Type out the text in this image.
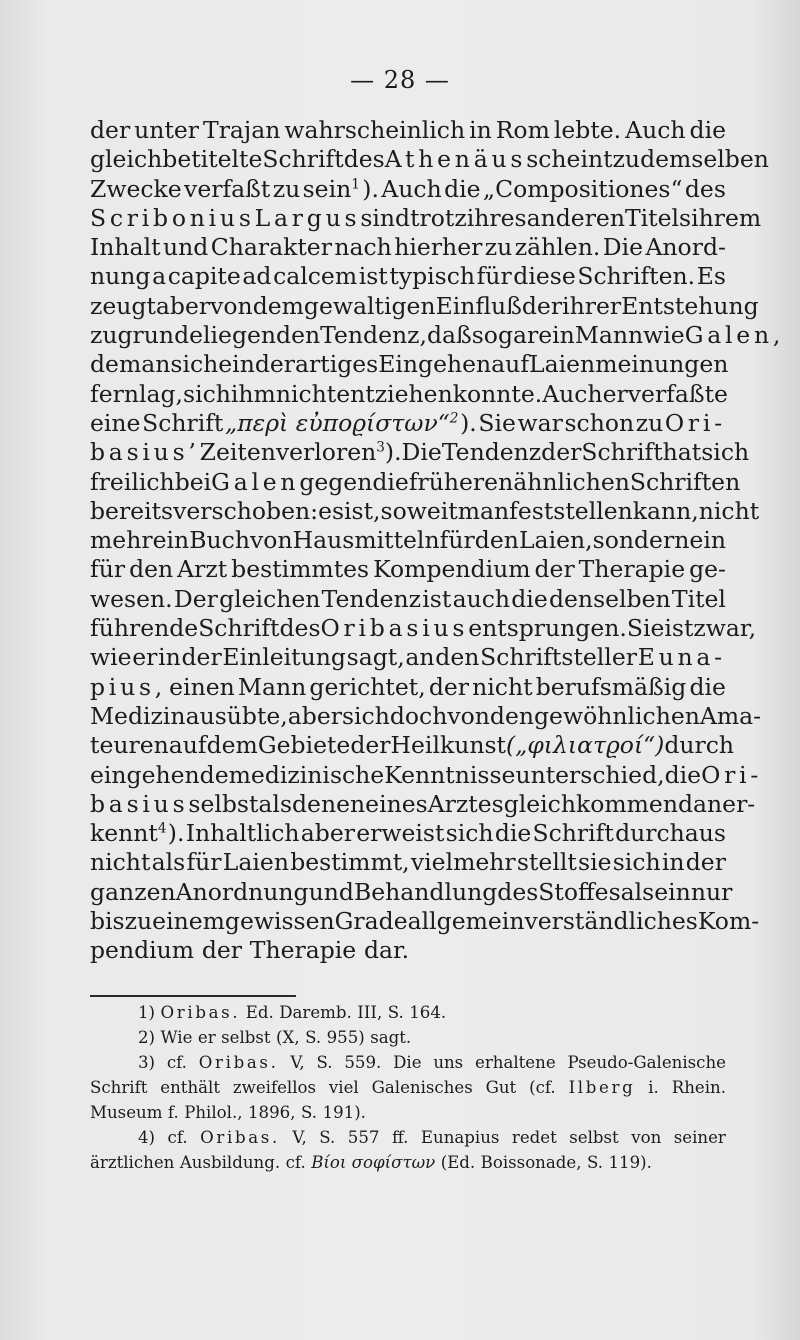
— 28 —
der unter Trajan wahrscheinlich in Rom lebte. Auch die
gleichbetitelte Schrift des Athenäus scheint zu demselben
Zwecke verfaßt zu sein$^1$ ). Auch die „Compositiones“ des
Scribonius Largus sind trotz ihres anderen Titels ihrem
Inhalt und Charakter nach hierher zu zählen. Die Anord-
nung a capite ad calcem ist typisch für diese Schriften. Es
zeugt aber von dem gewaltigen Einfluß der ihrer Entstehung
zugrunde liegenden Tendenz, daß sogar ein Mann wie Galen,
dem an sich ein derartiges Eingehen auf Laienmeinungen
fern lag, sich ihm nicht entziehen konnte. Auch er verfaßte
eine Schrift „περὶ εὐποϱίστων“$^2$ ). Sie war schon zu Ori-
basius’ Zeiten verloren$^3$ ). Die Tendenz der Schrift hat sich
freilich bei Galen gegen die früheren ähnlichen Schriften
bereits verschoben: es ist, soweit man feststellen kann, nicht
mehr ein Buch von Hausmitteln für den Laien, sondern ein
für den Arzt bestimmtes Kompendium der Therapie ge-
wesen. Der gleichen Tendenz ist auch die denselben Titel
führende Schrift des Oribasius entsprungen. Sie ist zwar,
wie er in der Einleitung sagt, an den Schriftsteller Euna-
pius, einen Mann gerichtet, der nicht berufsmäßig die
Medizin ausübte, aber sich doch von den gewöhnlichen Ama-
teuren auf dem Gebiete der Heilkunst („φιλιατϱοί“) durch
eingehende medizinische Kenntnisse unterschied, die Ori-
basius selbst als denen eines Arztes gleichkommend aner-
kennt$^4$ ). Inhaltlich aber erweist sich die Schrift durchaus
nicht als für Laien bestimmt, vielmehr stellt sie sich in der
ganzen Anordnung und Behandlung des Stoffes als ein nur
bis zu einem gewissen Grade allgemeinverständliches Kom-
pendium der Therapie dar.
1) Oribas. Ed. Daremb. III, S. 164.
2) Wie er selbst (X, S. 955) sagt.
3) cf. Oribas. V, S. 559. Die uns erhaltene Pseudo-Galenische
Schrift enthält zweifellos viel Galenisches Gut (cf. Ilberg i. Rhein.
Museum f. Philol., 1896, S. 191).
4) cf. Oribas. V, S. 557 ff. Eunapius redet selbst von seiner
ärztlichen Ausbildung. cf. Βίοι σοφίστων (Ed. Boissonade, S. 119).
